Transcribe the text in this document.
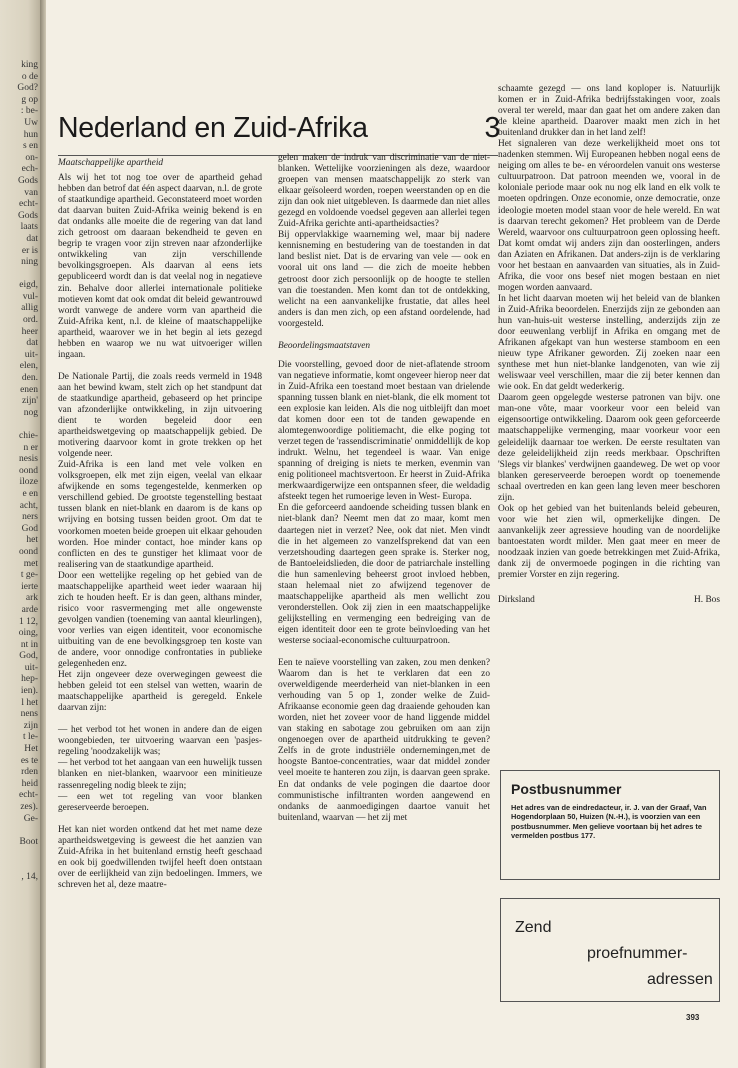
king
o de
God?
g op
: be-
Uw
hun
s en
on-
ech-
Gods
van
echt-
Gods
laats
dat
er is
ning

eigd,
vul-
allig
ord.
heer
dat
uit-
elen,
den.
enen
zijn'
nog

chie-
n er
nesis
oond
iloze
e en
acht,
ners
God
het
oond
met
t ge-
ierte
ark
arde
1 12,
oing,
nt in
God,
uit-
hep-
ien).
l het
nens
zijn
t le-
Het
es te
rden
heid
echt-
zes).
Ge-

Boot

, 14,
Nederland en Zuid-Afrika	3

Maatschappelijke apartheid

Als wij het tot nog toe over de apartheid gehad hebben dan betrof dat één aspect daarvan, n.l. de grote of staatkundige apartheid. Geconstateerd moet worden dat daarvan buiten Zuid-Afrika weinig bekend is en dat ondanks alle moeite die de regering van dat land zich getroost om daaraan bekendheid te geven en begrip te vragen voor zijn streven naar afzonderlijke ontwikkeling van zijn verschillende bevolkingsgroepen. Als daarvan al eens iets gepubliceerd wordt dan is dat veelal nog in negatieve zin. Behalve door allerlei internationale politieke motieven komt dat ook omdat dit beleid gewantrouwd wordt vanwege de andere vorm van apartheid die Zuid-Afrika kent, n.l. de kleine of maatschappelijke apartheid, waarover we in het begin al iets gezegd hebben en waarop we nu wat uitvoeriger willen ingaan.

De Nationale Partij, die zoals reeds vermeld in 1948 aan het bewind kwam, stelt zich op het standpunt dat de staatkundige apartheid, gebaseerd op het principe van afzonderlijke ontwikkeling, in zijn uitvoering dient te worden begeleid door een apartheidswetgeving op maatschappelijk gebied. De motivering daarvoor komt in grote trekken op het volgende neer.

Zuid-Afrika is een land met vele volken en volksgroepen, elk met zijn eigen, veelal van elkaar afwijkende en soms tegengestelde, kenmerken op verschillend gebied. De grootste tegenstelling bestaat tussen blank en niet-blank en daarom is de kans op wrijving en botsing tussen beiden groot. Om dat te voorkomen moeten beide groepen uit elkaar gehouden worden. Hoe minder contact, hoe minder kans op conflicten en des te gunstiger het klimaat voor de realisering van de staatkundige apartheid.

Door een wettelijke regeling op het gebied van de maatschappelijke apartheid weet ieder waaraan hij zich te houden heeft. Er is dan geen, althans minder, risico voor rasvermenging met alle ongewenste gevolgen vandien (toeneming van aantal kleurlingen), voor verlies van eigen identiteit, voor economische uitbuiting van de ene bevolkingsgroep ten koste van de andere, voor onnodige confrontaties in publieke gelegenheden enz.

Het zijn ongeveer deze overwegingen geweest die hebben geleid tot een stelsel van wetten, waarin de maatschappelijke apartheid is geregeld. Enkele daarvan zijn:

— het verbod tot het wonen in andere dan de eigen woongebieden, ter uitvoering waarvan een 'pasjes-regeling 'noodzakelijk was;

— het verbod tot het aangaan van een huwelijk tussen blanken en niet-blanken, waarvoor een minitieuze rassenregeling nodig bleek te zijn;

— een wet tot regeling van voor blanken gereserveerde beroepen.

Het kan niet worden ontkend dat het met name deze apartheidswetgeving is geweest die het aanzien van Zuid-Afrika in het buitenland ernstig heeft geschaad en ook bij goedwillenden twijfel heeft doen ontstaan over de eerlijkheid van zijn bedoelingen. Immers, we schreven het al, deze maatre-

gelen maken de indruk van discriminatie van de niet-blanken. Wettelijke voorzieningen als deze, waardoor groepen van mensen maatschappelijk zo sterk van elkaar geïsoleerd worden, roepen weerstanden op en die zijn dan ook niet uitgebleven. Is daarmede dan niet alles gezegd en voldoende voedsel gegeven aan allerlei tegen Zuid-Afrika gerichte anti-apartheidsacties?

Bij oppervlakkige waarneming wel, maar bij nadere kennisneming en bestudering van de toestanden in dat land beslist niet. Dat is de ervaring van vele — ook en vooral uit ons land — die zich de moeite hebben getroost door zich persoonlijk op de hoogte te stellen van die toestanden. Men komt dan tot de ontdekking, welicht na een aanvankelijke frustatie, dat alles heel anders is dan men zich, op een afstand oordelende, had voorgesteld.

Beoordelingsmaatstaven

Die voorstelling, gevoed door de niet-aflatende stroom van negatieve informatie, komt ongeveer hierop neer dat in Zuid-Afrika een toestand moet bestaan van drielende spanning tussen blank en niet-blank, die elk moment tot een explosie kan leiden. Als die nog uitbleijft dan moet dat komen door een tot de tanden gewapende en alomtegenwoordige politiemacht, die elke poging tot verzet tegen de 'rassendiscriminatie' onmiddellijk de kop indrukt. Welnu, het tegendeel is waar. Van enige spanning of dreiging is niets te merken, evenmin van enig politioneel machtsvertoon. Er heerst in Zuid-Afrika merkwaardigerwijze een ontspannen sfeer, die weldadig afsteekt tegen het rumoerige leven in West- Europa.

En die geforceerd aandoende scheiding tussen blank en niet-blank dan? Neemt men dat zo maar, komt men daartegen niet in verzet? Nee, ook dat niet. Men vindt die in het algemeen zo vanzelfsprekend dat van een verzetshouding daartegen geen sprake is. Sterker nog, de Bantoeleidslieden, die door de patriarchale instelling die hun samenleving beheerst groot invloed hebben, staan helemaal niet zo afwijzend tegenover de maatschappelijke apartheid als men wellicht zou veronderstellen. Ook zij zien in een maatschappelijke gelijkstelling en vermenging een bedreiging van de eigen identiteit door een te grote beïnvloeding van het westerse sociaal-economische cultuurpatroon.

Een te naïeve voorstelling van zaken, zou men denken? Waarom dan is het te verklaren dat een zo overweldigende meerderheid van niet-blanken in een verhouding van 5 op 1, zonder welke de Zuid-Afrikaanse economie geen dag draaiende gehouden kan worden, niet het zoveer voor de hand liggende middel van staking en sabotage zou gebruiken om aan zijn ongenoegen over de apartheid uitdrukking te geven? Zelfs in de grote industriële ondernemingen,met de hoogste Bantoe-concentraties, waar dat middel zonder veel moeite te hanteren zou zijn, is daarvan geen sprake. En dat ondanks de vele pogingen die daartoe door communistische infiltranten worden aangewend en ondanks de aanmoedigingen daartoe vanuit het buitenland, waarvan — het zij met

schaamte gezegd — ons land koploper is. Natuurlijk komen er in Zuid-Afrika bedrijfsstakingen voor, zoals overal ter wereld, maar dan gaat het om andere zaken dan de kleine apartheid. Daarover maakt men zich in het buitenland drukker dan in het land zelf!

Het signaleren van deze werkelijkheid moet ons tot nadenken stemmen. Wij Europeanen hebben nogal eens de neiging om alles te be- en véroordelen vanuit ons westerse cultuurpatroon. Dat patroon meenden we, vooral in de koloniale periode maar ook nu nog elk land en elk volk te moeten opdringen. Onze economie, onze democratie, onze ideologie moeten model staan voor de hele wereld. En wat is daarvan terecht gekomen? Het probleem van de Derde Wereld, waarvoor ons cultuurpatroon geen oplossing heeft. Dat komt omdat wij anders zijn dan oosterlingen, anders dan Aziaten en Afrikanen. Dat anders-zijn is de verklaring voor het bestaan en aanvaarden van situaties, als in Zuid-Afrika, die voor ons besef niet mogen bestaan en niet mogen worden aanvaard.

In het licht daarvan moeten wij het beleid van de blanken in Zuid-Afrika beoordelen. Enerzijds zijn ze gebonden aan hun van-huis-uit westerse instelling, anderzijds zijn ze door eeuwenlang verblijf in Afrika en omgang met de Afrikanen afgekapt van hun westerse stamboom en een nieuw type Afrikaner geworden. Zij zoeken naar een synthese met hun niet-blanke landgenoten, van wie zij weliswaar veel verschillen, maar die zij beter kennen dan wie ook. En dat geldt wederkerig.

Daarom geen opgelegde westerse patronen van bijv. one man-one vôte, maar voorkeur voor een beleid van eigensoortige ontwikkeling. Daarom ook geen geforceerde maatschappelijke vermenging, maar voorkeur voor een geleidelijk daarnaar toe werken. De eerste resultaten van deze geleidelijkheid zijn reeds merkbaar. Opschriften 'Slegs vir blankes' verdwijnen gaandeweg. De wet op voor blanken gereserveerde beroepen wordt op toenemende schaal overtreden en kan geen lang leven meer beschoren zijn.

Ook op het gebied van het buitenlands beleid gebeuren, voor wie het zien wil, opmerkelijke dingen. De aanvankelijk zeer agressieve houding van de noordelijke bantoestaten wordt milder. Men gaat meer en meer de noodzaak inzien van goede betrekkingen met Zuid-Afrika, dank zij de onvermoede pogingen in die richting van premier Vorster en zijn regering.

Dirksland	H. Bos
Postbusnummer
Het adres van de eindredacteur, ir. J. van der Graaf, Van Hogendorplaan 50, Huizen (N.-H.), is voorzien van een postbusnummer. Men gelieve voortaan bij het adres te vermelden postbus 177.
Zend
proefnummer-
adressen
393
